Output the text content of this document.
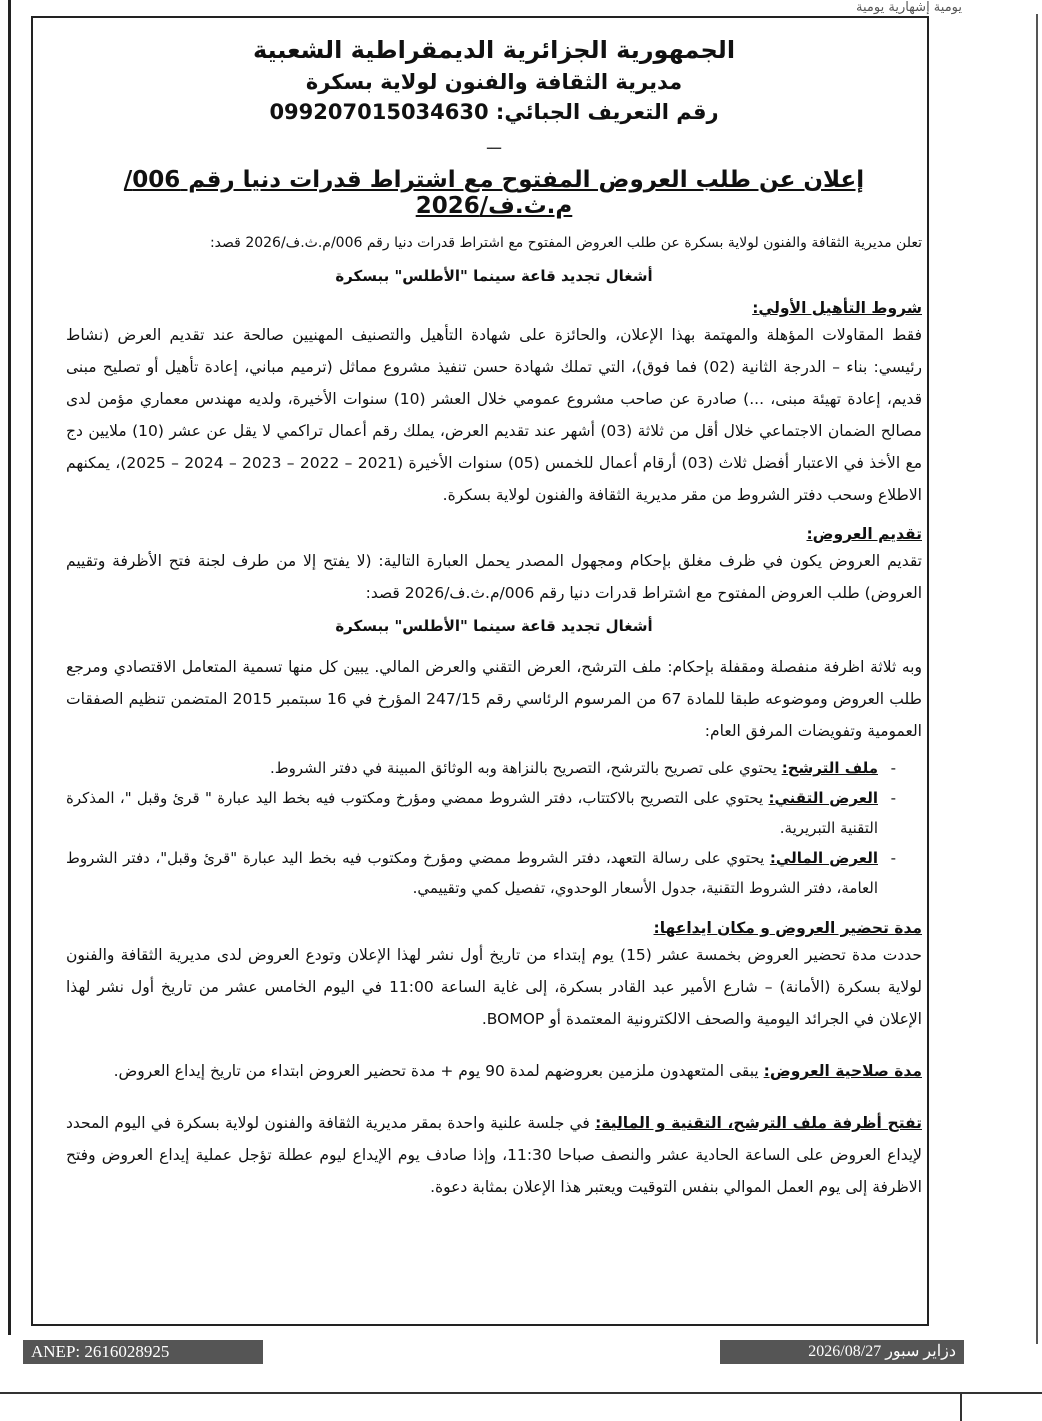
يومية إشهارية يومية
الجمهورية الجزائرية الديمقراطية الشعبية
مديرية الثقافة والفنون لولاية بسكرة
رقم التعريف الجبائي: 099207015034630
ـــ
إعلان عن طلب العروض المفتوح مع اشتراط قدرات دنيا رقم 006/م.ث.ف/2026
تعلن مديرية الثقافة والفنون لولاية بسكرة عن طلب العروض المفتوح مع اشتراط قدرات دنيا رقم 006/م.ث.ف/2026 قصد:
أشغال تجديد قاعة سينما "الأطلس" ببسكرة
شروط التأهيل الأولي:

فقط المقاولات المؤهلة والمهتمة بهذا الإعلان، والحائزة على شهادة التأهيل والتصنيف المهنيين صالحة عند تقديم العرض (نشاط رئيسي: بناء – الدرجة الثانية (02) فما فوق)، التي تملك شهادة حسن تنفيذ مشروع مماثل (ترميم مباني، إعادة تأهيل أو تصليح مبنى قديم، إعادة تهيئة مبنى، ...) صادرة عن صاحب مشروع عمومي خلال العشر (10) سنوات الأخيرة، ولديه مهندس معماري مؤمن لدى مصالح الضمان الاجتماعي خلال أقل من ثلاثة (03) أشهر عند تقديم العرض، يملك رقم أعمال تراكمي لا يقل عن عشر (10) ملايين دج مع الأخذ في الاعتبار أفضل ثلاث (03) أرقام أعمال للخمس (05) سنوات الأخيرة (2021 – 2022 – 2023 – 2024 – 2025)، يمكنهم الاطلاع وسحب دفتر الشروط من مقر مديرية الثقافة والفنون لولاية بسكرة.

تقديم العروض:

تقديم العروض يكون في ظرف مغلق بإحكام ومجهول المصدر يحمل العبارة التالية: (لا يفتح إلا من طرف لجنة فتح الأظرفة وتقييم العروض) طلب العروض المفتوح مع اشتراط قدرات دنيا رقم 006/م.ث.ف/2026 قصد:

أشغال تجديد قاعة سينما "الأطلس" ببسكرة

وبه ثلاثة اظرفة منفصلة ومقفلة بإحكام: ملف الترشح، العرض التقني والعرض المالي. يبين كل منها تسمية المتعامل الاقتصادي ومرجع طلب العروض وموضوعه طبقا للمادة 67 من المرسوم الرئاسي رقم 247/15 المؤرخ في 16 سبتمبر 2015 المتضمن تنظيم الصفقات العمومية وتفويضات المرفق العام:

-
ملف الترشح: يحتوي على تصريح بالترشح، التصريح بالنزاهة وبه الوثائق المبينة في دفتر الشروط.
-
العرض التقني: يحتوي على التصريح بالاكتتاب، دفتر الشروط ممضي ومؤرخ ومكتوب فيه بخط اليد عبارة " قرئ وقبل "، المذكرة التقنية التبريرية.
-
العرض المالي: يحتوي على رسالة التعهد، دفتر الشروط ممضي ومؤرخ ومكتوب فيه بخط اليد عبارة "قرئ وقبل"، دفتر الشروط العامة، دفتر الشروط التقنية، جدول الأسعار الوحدوي، تفصيل كمي وتقييمي.
مدة تحضير العروض و مكان ايداعها:

حددت مدة تحضير العروض بخمسة عشر (15) يوم إبتداء من تاريخ أول نشر لهذا الإعلان وتودع العروض لدى مديرية الثقافة والفنون لولاية بسكرة (الأمانة) – شارع الأمير عبد القادر بسكرة، إلى غاية الساعة 11:00 في اليوم الخامس عشر من تاريخ أول نشر لهذا الإعلان في الجرائد اليومية والصحف الالكترونية المعتمدة أو BOMOP.

مدة صلاحية العروض: يبقى المتعهدون ملزمين بعروضهم لمدة 90 يوم + مدة تحضير العروض ابتداء من تاريخ إيداع العروض.

تفتح أظرفة ملف الترشح، التقنية و المالية: في جلسة علنية واحدة بمقر مديرية الثقافة والفنون لولاية بسكرة في اليوم المحدد لإيداع العروض على الساعة الحادية عشر والنصف صباحا 11:30، وإذا صادف يوم الإيداع ليوم عطلة تؤجل عملية إيداع العروض وفتح الاظرفة إلى يوم العمل الموالي بنفس التوقيت ويعتبر هذا الإعلان بمثابة دعوة.

ANEP: 2616028925	دزاير سبور 2026/08/27
